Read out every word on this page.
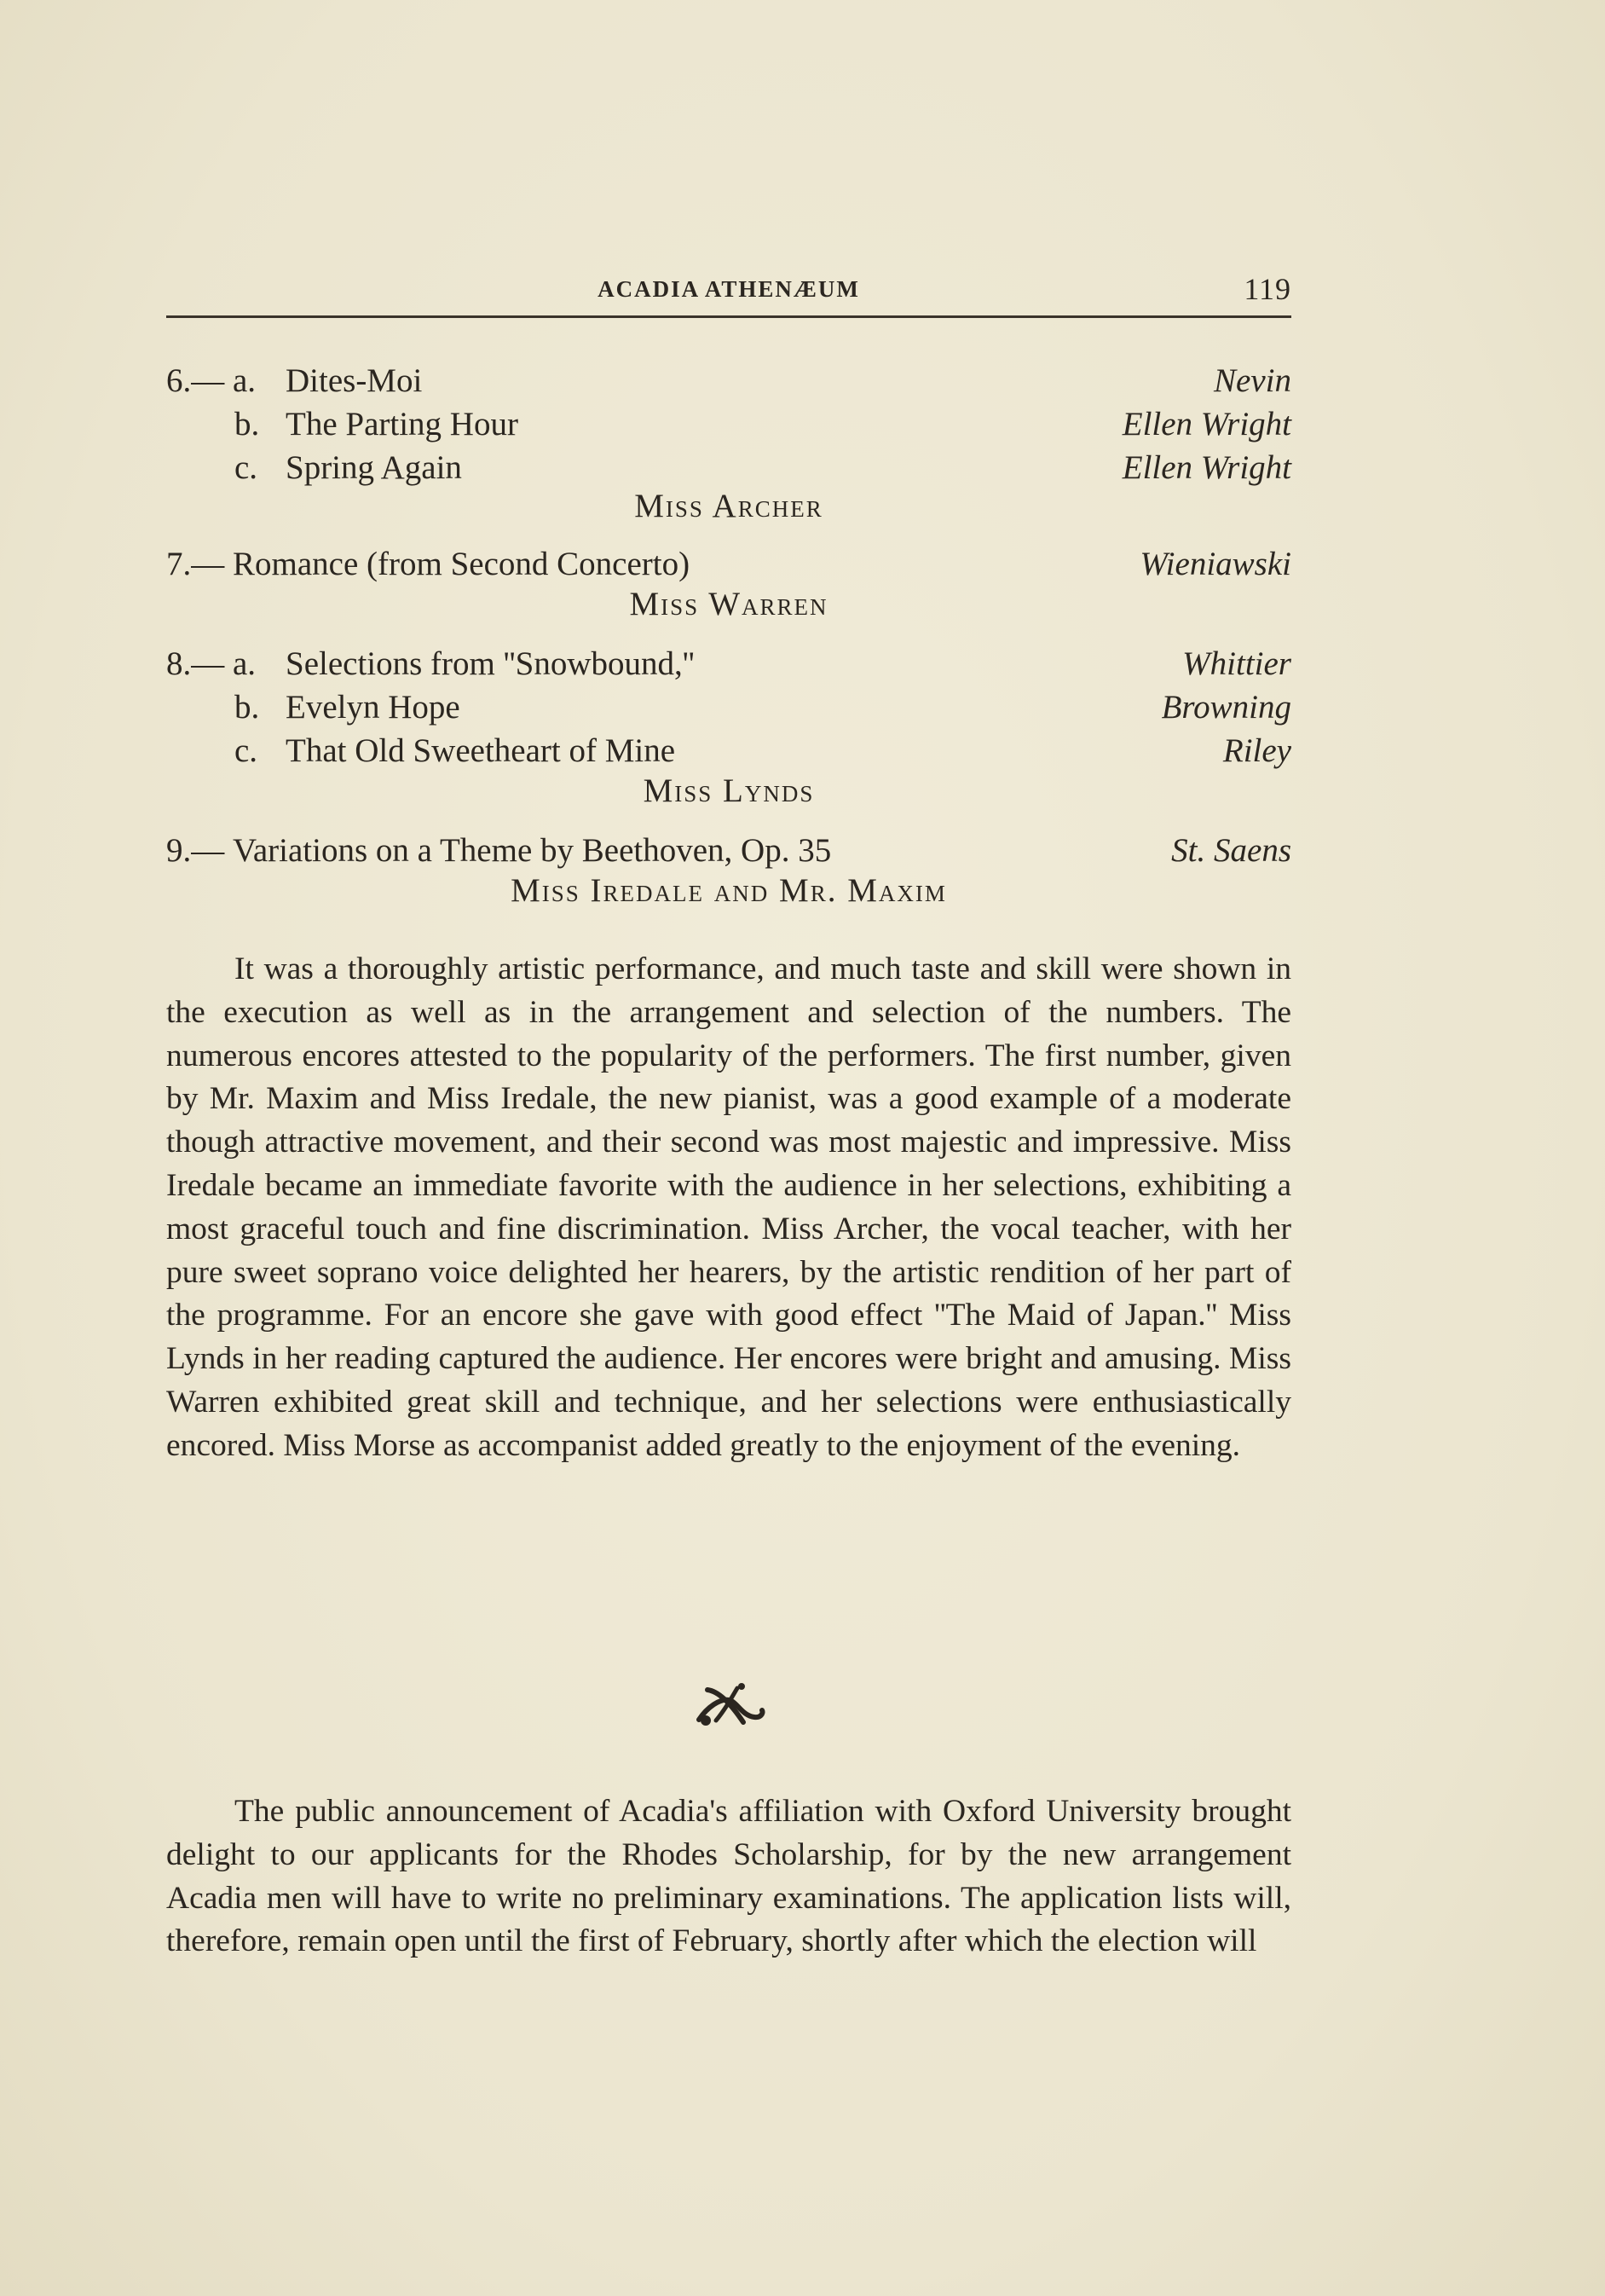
ACADIA ATHENÆUM	119
6.— a. Dites-Moi	Nevin
b. The Parting Hour	Ellen Wright
c. Spring Again	Ellen Wright
Miss Archer
7.— Romance (from Second Concerto)	Wieniawski
Miss Warren
8.— a. Selections from ''Snowbound,''	Whittier
b. Evelyn Hope	Browning
c. That Old Sweetheart of Mine	Riley
Miss Lynds
9.— Variations on a Theme by Beethoven, Op. 35	St. Saens
Miss Iredale and Mr. Maxim

It was a thoroughly artistic performance, and much taste and skill were shown in the execution as well as in the arrangement and selection of the numbers. The numerous encores attested to the popularity of the performers. The first number, given by Mr. Maxim and Miss Iredale, the new pianist, was a good example of a moderate though attractive movement, and their second was most majestic and impressive. Miss Iredale became an immediate favorite with the audience in her selections, exhibiting a most graceful touch and fine discrimination. Miss Archer, the vocal teacher, with her pure sweet soprano voice delighted her hearers, by the artistic rendition of her part of the programme. For an encore she gave with good effect ''The Maid of Japan.'' Miss Lynds in her reading captured the audience. Her encores were bright and amusing. Miss Warren exhibited great skill and technique, and her selections were enthusiastically encored. Miss Morse as accompanist added greatly to the enjoyment of the evening.

The public announcement of Acadia's affiliation with Oxford University brought delight to our applicants for the Rhodes Scholarship, for by the new arrangement Acadia men will have to write no preliminary examinations. The application lists will, therefore, remain open until the first of February, shortly after which the election will
